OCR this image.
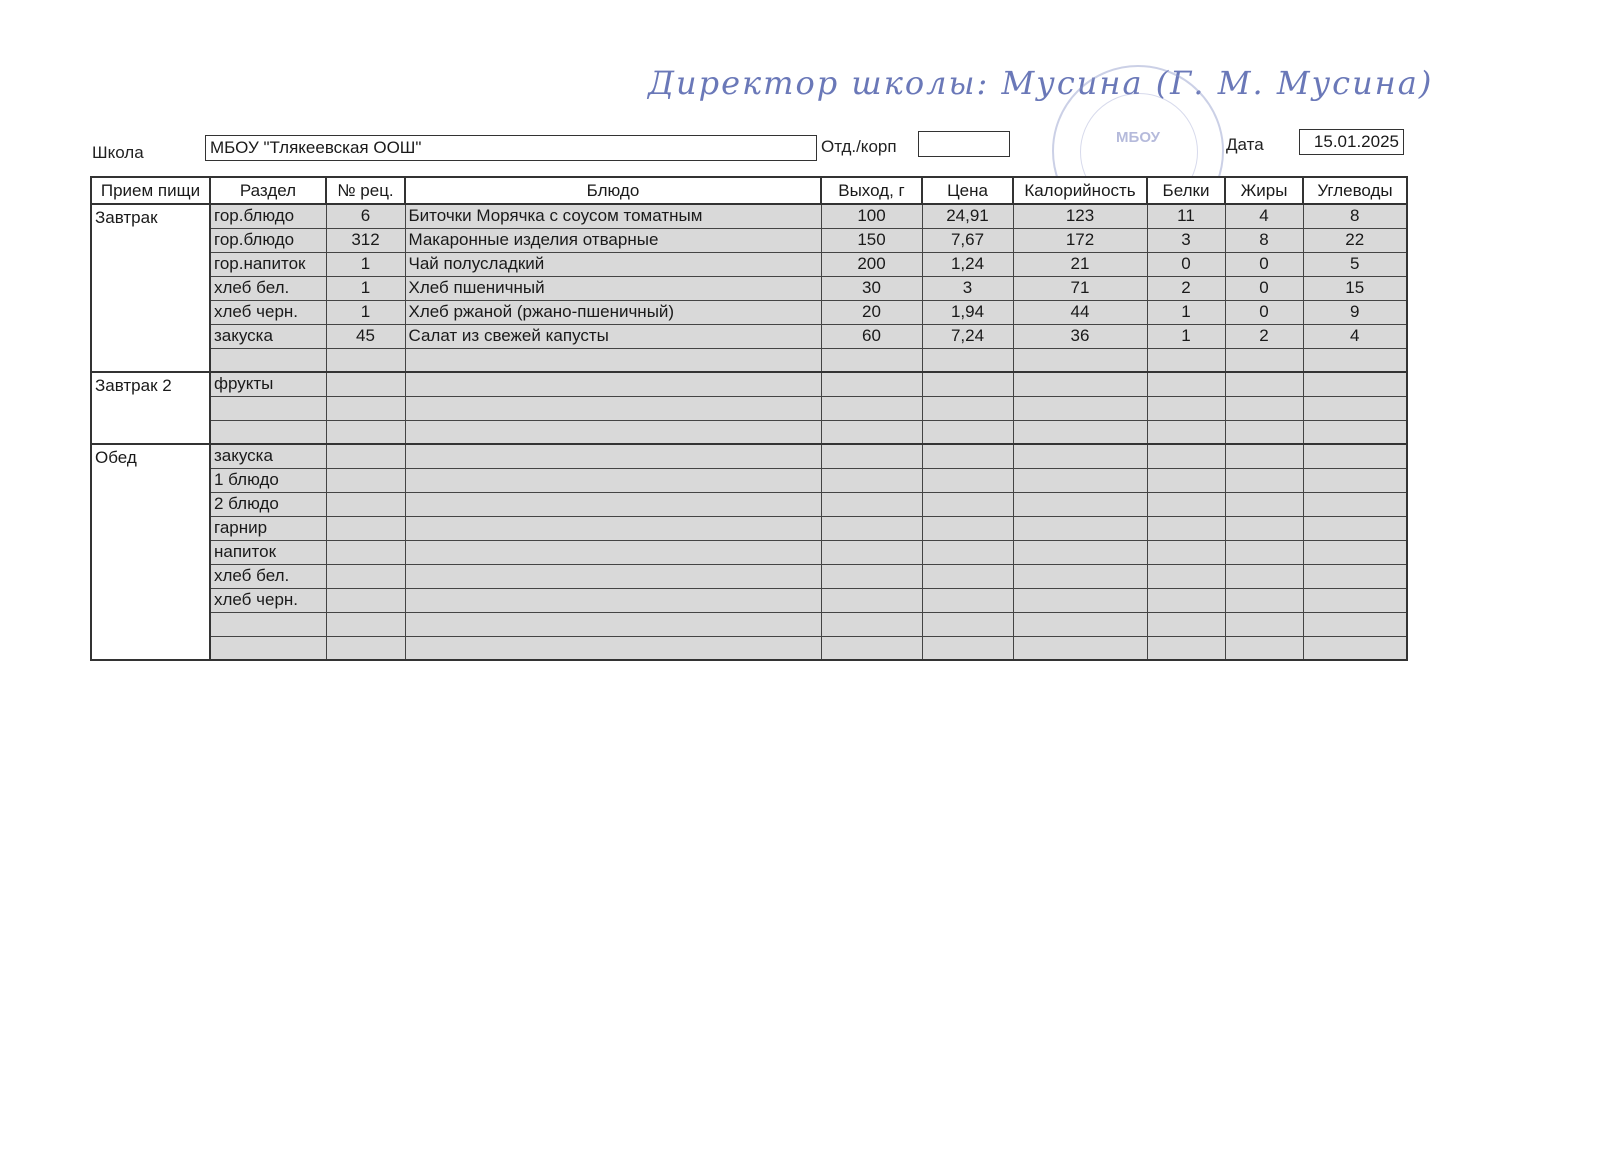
Директор школы: Мусина (Г. М. Мусина)
МБОУ
Школа	МБОУ "Тлякеевская ООШ"	Отд./корп	Дата	15.01.2025
Прием пищи	Раздел	№ рец.	Блюдо	Выход, г	Цена	Калорийность	Белки	Жиры	Углеводы
Завтрак	гор.блюдо	6	Биточки Морячка с соусом томатным	100	24,91	123	11	4	8
	гор.блюдо	312	Макаронные изделия отварные	150	7,67	172	3	8	22
	гор.напиток	1	Чай полусладкий	200	1,24	21	0	0	5
	хлеб бел.	1	Хлеб пшеничный	30	3	71	2	0	15
	хлеб черн.	1	Хлеб ржаной (ржано-пшеничный)	20	1,94	44	1	0	9
	закуска	45	Салат из свежей капусты	60	7,24	36	1	2	4

Завтрак 2	фрукты								

Обед	закуска								
	1 блюдо								
	2 блюдо								
	гарнир								
	напиток								
	хлеб бел.								
	хлеб черн.								
